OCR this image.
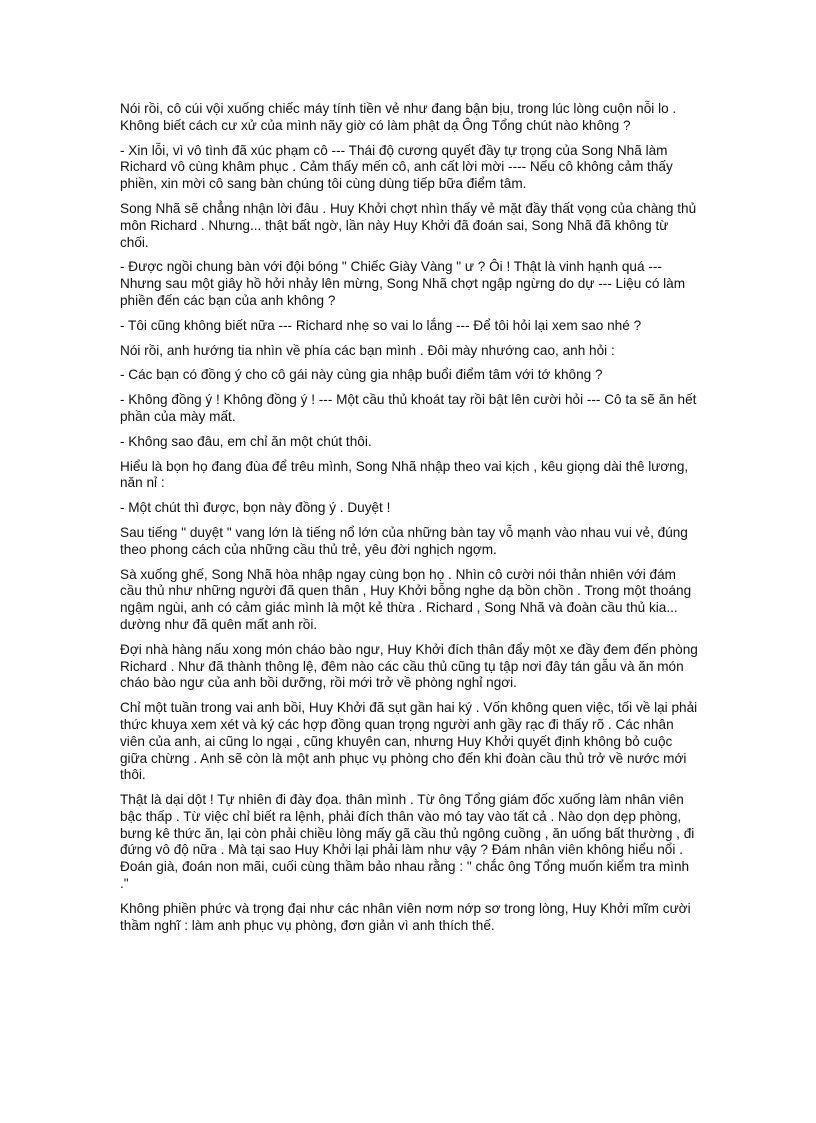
Nói rồi, cô cúi vội xuống chiếc máy tính tiền vẻ như đang bận bịu, trong lúc lòng cuộn nỗi lo . Không biết cách cư xử của mình nãy giờ có làm phật dạ Ông Tổng chút nào không ?

- Xin lỗi, vì vô tình đã xúc phạm cô --- Thái độ cương quyết đầy tự trọng của Song Nhã làm Richard vô cùng khâm phục . Cảm thấy mến cô, anh cất lời mời ---- Nếu cô không cảm thấy phiền, xin mời cô sang bàn chúng tôi cùng dùng tiếp bữa điểm tâm.

Song Nhã sẽ chẳng nhận lời đâu . Huy Khởi chợt nhìn thấy vẻ mặt đầy thất vọng của chàng thủ môn Richard . Nhưng... thật bất ngờ, lần này Huy Khởi đã đoán sai, Song Nhã đã không từ chối.

- Được ngồi chung bàn với đội bóng " Chiếc Giày Vàng " ư ? Ôi ! Thật là vinh hạnh quá --- Nhưng sau một giây hồ hởi nhảy lên mừng, Song Nhã chợt ngập ngừng do dự --- Liệu có làm phiền đến các bạn của anh không ?

- Tôi cũng không biết nữa --- Richard nhẹ so vai lo lắng --- Để tôi hỏi lại xem sao nhé ?

Nói rồi, anh hướng tia nhìn về phía các bạn mình . Đôi mày nhướng cao, anh hỏi :

- Các bạn có đồng ý cho cô gái này cùng gia nhập buổi điểm tâm với tớ không ?

- Không đồng ý ! Không đồng ý ! --- Một cầu thủ khoát tay rồi bật lên cười hỏi --- Cô ta sẽ ăn hết phần của mày mất.

- Không sao đâu, em chỉ ăn một chút thôi.

Hiểu là bọn họ đang đùa để trêu mình, Song Nhã nhập theo vai kịch , kêu giọng dài thê lương, năn nỉ :

- Một chút thì được, bọn này đồng ý . Duyệt !

Sau tiếng " duyệt " vang lớn là tiếng nổ lớn của những bàn tay vỗ mạnh vào nhau vui vẻ, đúng theo phong cách của những cầu thủ trẻ, yêu đời nghịch ngợm.

Sà xuống ghế, Song Nhã hòa nhập ngay cùng bọn họ . Nhìn cô cười nói thản nhiên với đám cầu thủ như những người đã quen thân , Huy Khởi bỗng nghe dạ bồn chồn . Trong một thoáng ngậm ngùi, anh có cảm giác mình là một kẻ thừa . Richard , Song Nhã và đoàn cầu thủ kia... dường như đã quên mất anh rồi.

Đợi nhà hàng nấu xong món cháo bào ngư, Huy Khởi đích thân đẩy một xe đầy đem đến phòng Richard . Như đã thành thông lệ, đêm nào các cầu thủ cũng tụ tập nơi đây tán gẫu và ăn món cháo bào ngư của anh bồi dưỡng, rồi mới trở về phòng nghỉ ngơi.

Chỉ một tuần trong vai anh bồi, Huy Khởi đã sụt gần hai ký . Vốn không quen việc, tối về lại phải thức khuya xem xét và ký các hợp đồng quan trọng người anh gầy rạc đi thấy rõ . Các nhân viên của anh, ai cũng lo ngại , cũng khuyên can, nhưng Huy Khởi quyết định không bỏ cuộc giữa chừng . Anh sẽ còn là một anh phục vụ phòng cho đến khi đoàn cầu thủ trở về nước mới thôi.

Thật là dại dột ! Tự nhiên đi đày đọa. thân mình . Từ ông Tổng giám đốc xuống làm nhân viên bậc thấp . Từ việc chỉ biết ra lệnh, phải đích thân vào mó tay vào tất cả . Nào dọn dẹp phòng, bưng kê thức ăn, lại còn phải chiều lòng mấy gã cầu thủ ngông cuồng , ăn uống bất thường , đi đứng vô độ nữa . Mà tại sao Huy Khởi lại phải làm như vậy ? Đám nhân viên không hiểu nổi . Đoán già, đoán non mãi, cuối cùng thầm bảo nhau rằng : " chắc ông Tổng muốn kiểm tra mình ."

Không phiền phức và trọng đại như các nhân viên nơm nớp sơ trong lòng, Huy Khởi mĩm cười thầm nghĩ : làm anh phục vụ phòng, đơn giản vì anh thích thế.
